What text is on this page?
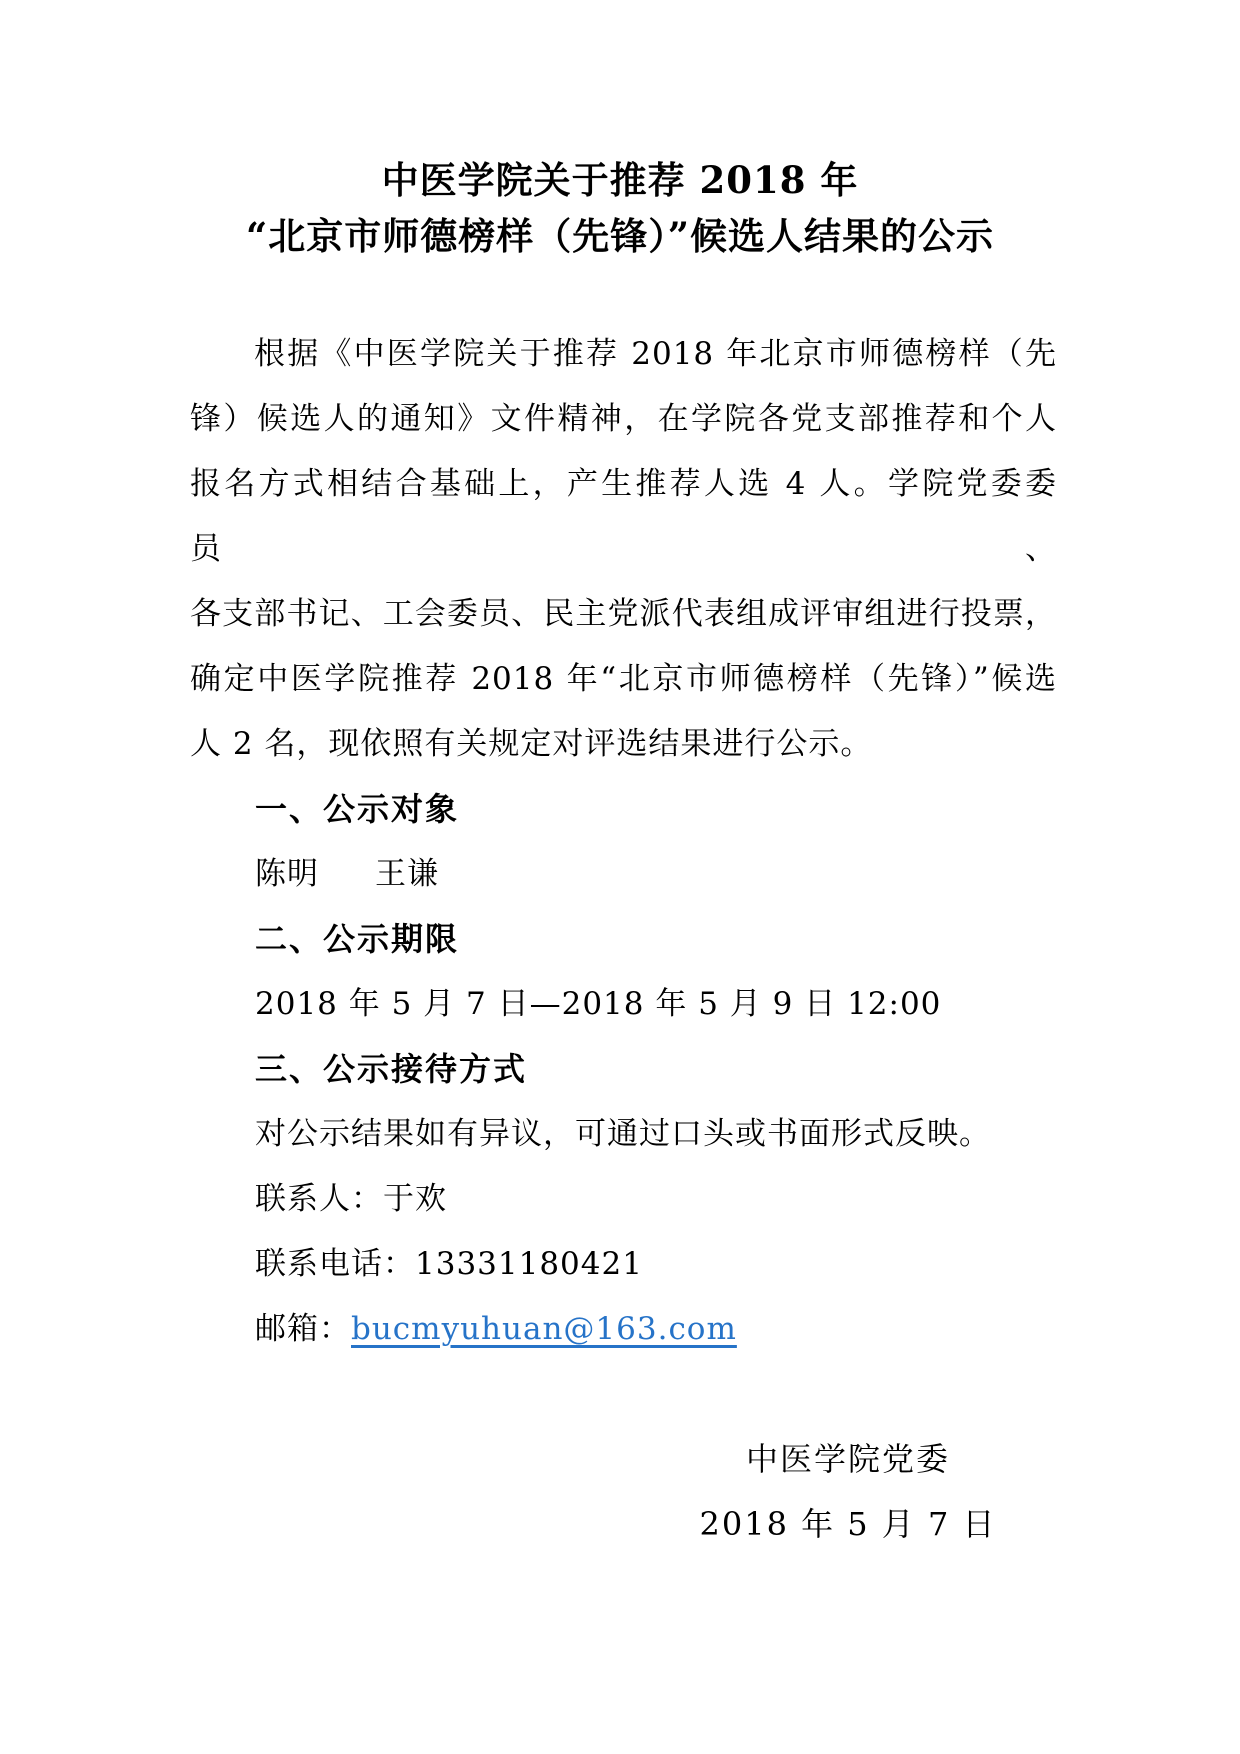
中医学院关于推荐 2018 年
“北京市师德榜样（先锋）”候选人结果的公示
根据《中医学院关于推荐 2018 年北京市师德榜样（先
锋）候选人的通知》文件精神，在学院各党支部推荐和个人
报名方式相结合基础上，产生推荐人选 4 人。学院党委委员、
各支部书记、工会委员、民主党派代表组成评审组进行投票，
确定中医学院推荐 2018 年“北京市师德榜样（先锋）”候选
人 2 名，现依照有关规定对评选结果进行公示。
一、公示对象
陈明 王谦
二、公示期限
2018 年 5 月 7 日—2018 年 5 月 9 日 12:00
三、公示接待方式
对公示结果如有异议，可通过口头或书面形式反映。
联系人：于欢
联系电话：13331180421
邮箱：bucmyuhuan@163.com
中医学院党委
2018 年 5 月 7 日
